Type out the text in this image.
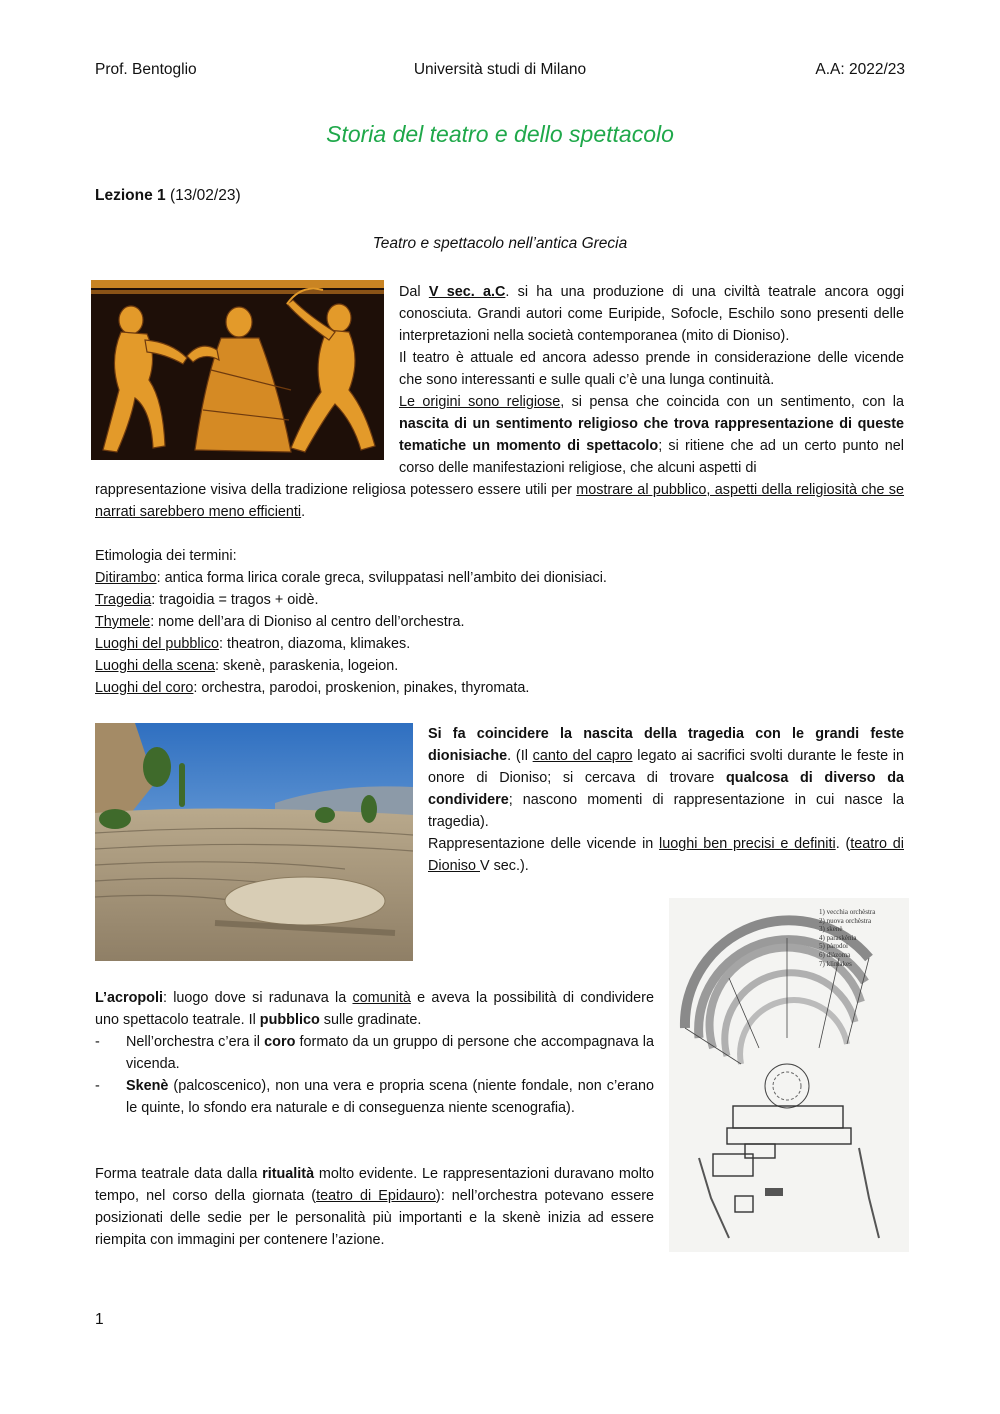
Prof. Bentoglio	Università studi di Milano	A.A: 2022/23
Storia del teatro e dello spettacolo
Lezione 1 (13/02/23)
Teatro e spettacolo nell’antica Grecia

Dal V sec. a.C. si ha una produzione di una civiltà teatrale ancora oggi conosciuta. Grandi autori come Euripide, Sofocle, Eschilo sono presenti delle interpretazioni nella società contemporanea (mito di Dioniso).

Il teatro è attuale ed ancora adesso prende in considerazione delle vicende che sono interessanti e sulle quali c’è una lunga continuità.

Le origini sono religiose, si pensa che coincida con un sentimento, con la nascita di un sentimento religioso che trova rappresentazione di queste tematiche un momento di spettacolo; si ritiene che ad un certo punto nel corso delle manifestazioni religiose, che alcuni aspetti di

rappresentazione visiva della tradizione religiosa potessero essere utili per mostrare al pubblico, aspetti della religiosità che se narrati sarebbero meno efficienti.

Etimologia dei termini:
Ditirambo: antica forma lirica corale greca, sviluppatasi nell’ambito dei dionisiaci.
Tragedia: tragoidia = tragos + oidè.
Thymele: nome dell’ara di Dioniso al centro dell’orchestra.
Luoghi del pubblico: theatron, diazoma, klimakes.
Luoghi della scena: skenè, paraskenia, logeion.
Luoghi del coro: orchestra, parodoi, proskenion, pinakes, thyromata.

Si fa coincidere la nascita della tragedia con le grandi feste dionisiache. (Il canto del capro legato ai sacrifici svolti durante le feste in onore di Dioniso; si cercava di trovare qualcosa di diverso da condividere; nascono momenti di rappresentazione in cui nasce la tragedia).

Rappresentazione delle vicende in luoghi ben precisi e definiti. (teatro di Dioniso V sec.).

1) vecchia orchèstra
2) nuova orchèstra
3) skenè
4) paraskènia
5) pàrodoi
6) diàzoma
7) klìmakes

L’acropoli: luogo dove si radunava la comunità e aveva la possibilità di condividere uno spettacolo teatrale. Il pubblico sulle gradinate.

- Nell’orchestra c’era il coro formato da un gruppo di persone che accompagnava la vicenda.
- Skenè (palcoscenico), non una vera e propria scena (niente fondale, non c’erano le quinte, lo sfondo era naturale e di conseguenza niente scenografia).

Forma teatrale data dalla ritualità molto evidente. Le rappresentazioni duravano molto tempo, nel corso della giornata (teatro di Epidauro): nell’orchestra potevano essere posizionati delle sedie per le personalità più importanti e la skenè inizia ad essere riempita con immagini per contenere l’azione.

1
